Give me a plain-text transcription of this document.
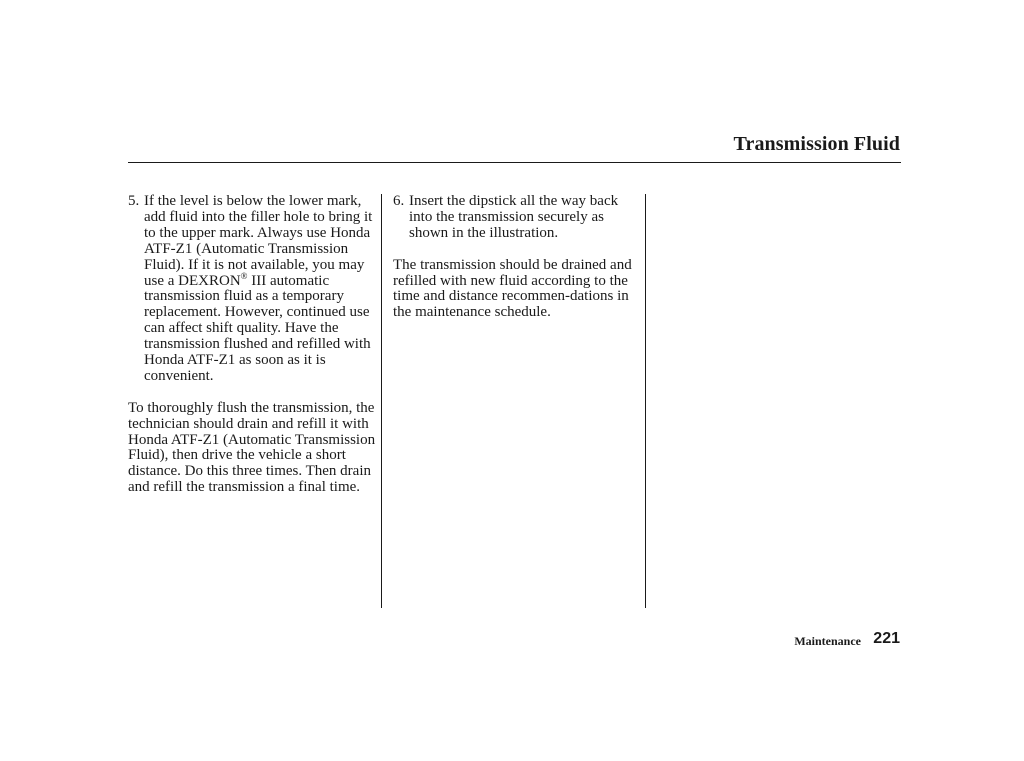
Transmission Fluid
5. If the level is below the lower mark, add fluid into the filler hole to bring it to the upper mark. Always use Honda ATF-Z1 (Automatic Transmission Fluid). If it is not available, you may use a DEXRON® III automatic transmission fluid as a temporary replacement. However, continued use can affect shift quality. Have the transmission flushed and refilled with Honda ATF-Z1 as soon as it is convenient.

To thoroughly flush the transmission, the technician should drain and refill it with Honda ATF-Z1 (Automatic Transmission Fluid), then drive the vehicle a short distance. Do this three times. Then drain and refill the transmission a final time.

6. Insert the dipstick all the way back into the transmission securely as shown in the illustration.

The transmission should be drained and refilled with new fluid according to the time and distance recommen-dations in the maintenance schedule.

Maintenance 221
